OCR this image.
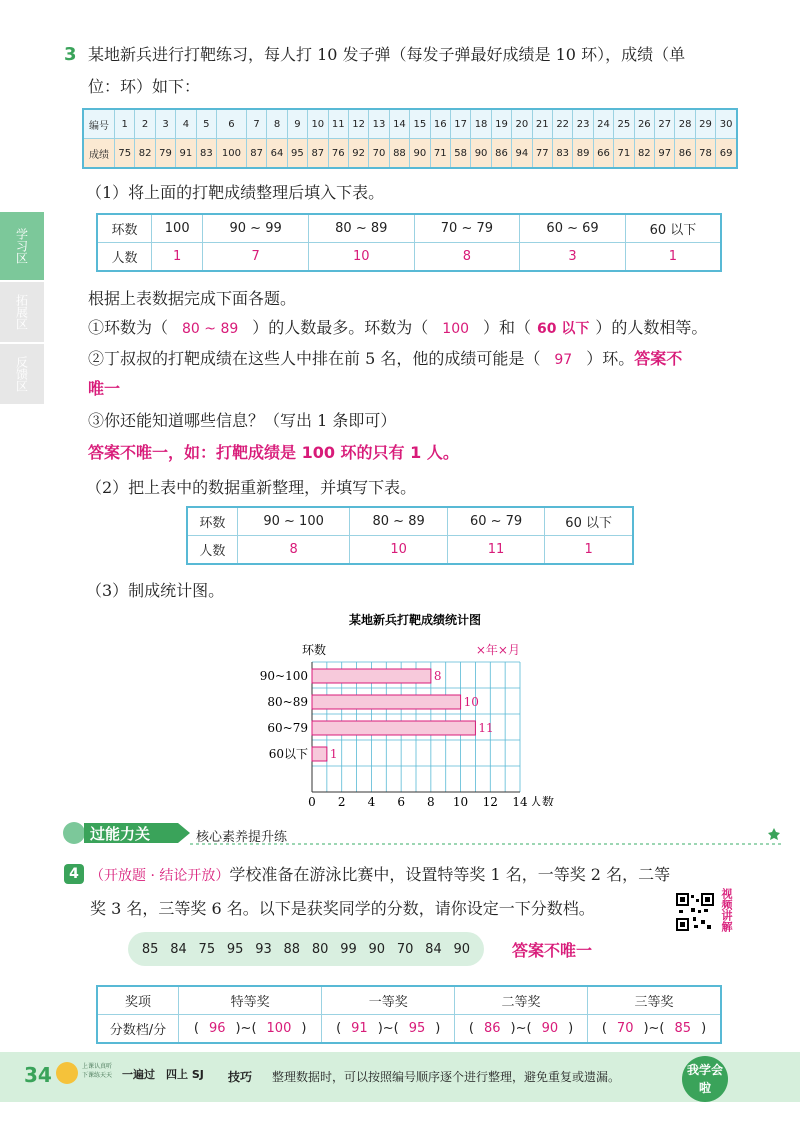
学习区
拓展区
反馈区
3 某地新兵进行打靶练习，每人打 10 发子弹（每发子弹最好成绩是 10 环），成绩（单
位：环）如下：
编号	1	2	3	4	5	6	7	8	9	10	11	12	13	14	15	16	17	18	19	20	21	22	23	24	25	26	27	28	29	30
成绩	75	82	79	91	83	100	87	64	95	87	76	92	70	88	90	71	58	90	86	94	77	83	89	66	71	82	97	86	78	69
（1）将上面的打靶成绩整理后填入下表。
环数	100	90 ~ 99	80 ~ 89	70 ~ 79	60 ~ 69	60 以下
人数	1	7	10	8	3	1
根据上表数据完成下面各题。
①环数为（ 80 ~ 89 ）的人数最多。环数为（ 100 ）和（ 60 以下 ）的人数相等。
②丁叔叔的打靶成绩在这些人中排在前 5 名，他的成绩可能是（ 97 ）环。答案不
唯一
③你还能知道哪些信息？（写出 1 条即可）
答案不唯一，如：打靶成绩是 100 环的只有 1 人。
（2）把上表中的数据重新整理，并填写下表。
环数	90 ~ 100	80 ~ 89	60 ~ 79	60 以下
人数	8	10	11	1
（3）制成统计图。
某地新兵打靶成绩统计图
环数	×年×月
90~100	8
80~89	10
60~79	11
60以下 1
0 2 4 6 8 10 12 14 人数
过能力关	核心素养提升练
4 （开放题 · 结论开放）学校准备在游泳比赛中，设置特等奖 1 名，一等奖 2 名，二等
奖 3 名，三等奖 6 名。以下是获奖同学的分数，请你设定一下分数档。	视频讲解
85 84 75 95 93 88 80 99 90 70 84 90	答案不唯一
奖项	特等奖	一等奖	二等奖	三等奖
分数档/分	( 96 )~( 100 )	( 91 )~( 95 )	( 86 )~( 90 )	( 70 )~( 85 )
34	上课认真听
下课练天天 一遍过 四上 SJ 技巧 整理数据时，可以按照编号顺序逐个进行整理，避免重复或遗漏。	我学会啦
